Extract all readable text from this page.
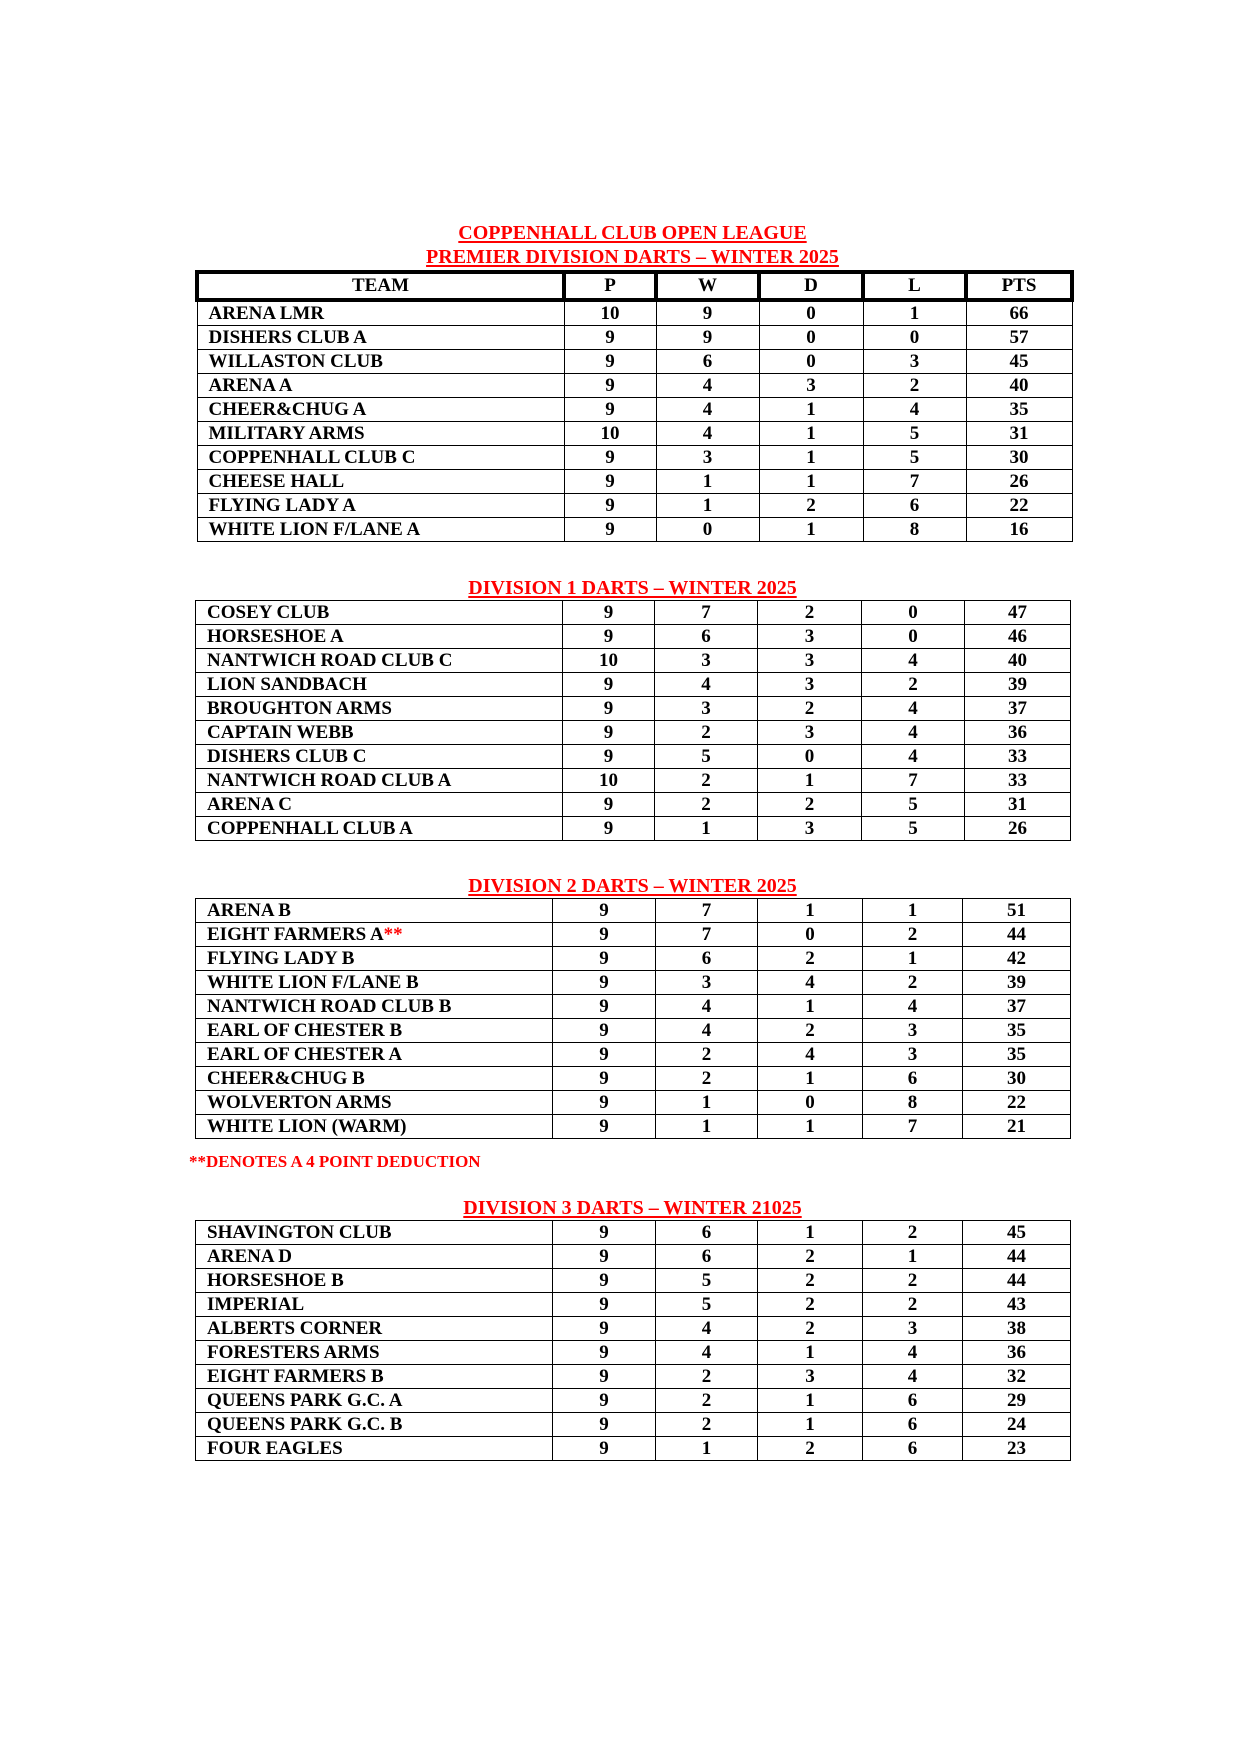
COPPENHALL CLUB OPEN LEAGUE
PREMIER DIVISION DARTS – WINTER 2025
TEAM	P	W	D	L	PTS
ARENA LMR	10	9	0	1	66
DISHERS CLUB A	9	9	0	0	57
WILLASTON CLUB	9	6	0	3	45
ARENA A	9	4	3	2	40
CHEER&CHUG A	9	4	1	4	35
MILITARY ARMS	10	4	1	5	31
COPPENHALL CLUB C	9	3	1	5	30
CHEESE HALL	9	1	1	7	26
FLYING LADY A	9	1	2	6	22
WHITE LION F/LANE A	9	0	1	8	16
DIVISION 1 DARTS – WINTER 2025
COSEY CLUB	9	7	2	0	47
HORSESHOE A	9	6	3	0	46
NANTWICH ROAD CLUB C	10	3	3	4	40
LION SANDBACH	9	4	3	2	39
BROUGHTON ARMS	9	3	2	4	37
CAPTAIN WEBB	9	2	3	4	36
DISHERS CLUB C	9	5	0	4	33
NANTWICH ROAD CLUB A	10	2	1	7	33
ARENA C	9	2	2	5	31
COPPENHALL CLUB A	9	1	3	5	26
DIVISION 2 DARTS – WINTER 2025
ARENA B	9	7	1	1	51
EIGHT FARMERS A**	9	7	0	2	44
FLYING LADY B	9	6	2	1	42
WHITE LION F/LANE B	9	3	4	2	39
NANTWICH ROAD CLUB B	9	4	1	4	37
EARL OF CHESTER B	9	4	2	3	35
EARL OF CHESTER A	9	2	4	3	35
CHEER&CHUG B	9	2	1	6	30
WOLVERTON ARMS	9	1	0	8	22
WHITE LION (WARM)	9	1	1	7	21
**DENOTES A 4 POINT DEDUCTION
DIVISION 3 DARTS – WINTER 21025
SHAVINGTON CLUB	9	6	1	2	45
ARENA D	9	6	2	1	44
HORSESHOE B	9	5	2	2	44
IMPERIAL	9	5	2	2	43
ALBERTS CORNER	9	4	2	3	38
FORESTERS ARMS	9	4	1	4	36
EIGHT FARMERS B	9	2	3	4	32
QUEENS PARK G.C. A	9	2	1	6	29
QUEENS PARK G.C. B	9	2	1	6	24
FOUR EAGLES	9	1	2	6	23
